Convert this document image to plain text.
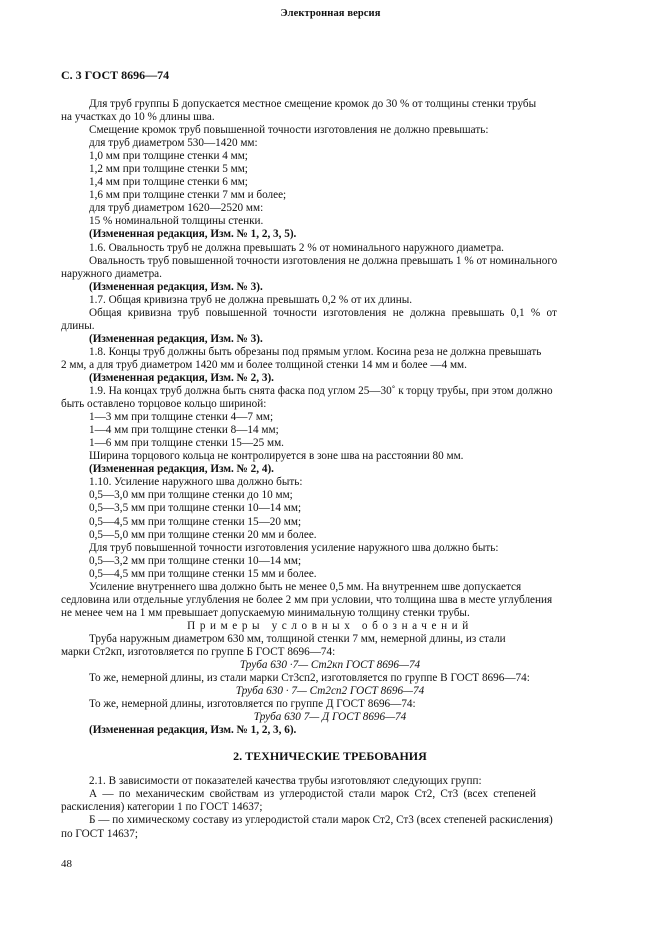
Электронная версия
С. 3 ГОСТ 8696—74

Для труб группы Б допускается местное смещение кромок до 30 % от толщины стенки трубы

на участках до 10 % длины шва.

Смещение кромок труб повышенной точности изготовления не должно превышать:

для труб диаметром 530—1420 мм:

1,0 мм при толщине стенки 4 мм;

1,2 мм при толщине стенки 5 мм;

1,4 мм при толщине стенки 6 мм;

1,6 мм при толщине стенки 7 мм и более;

для труб диаметром 1620—2520 мм:

15 % номинальной толщины стенки.

(Измененная редакция, Изм. № 1, 2, 3, 5).

1.6. Овальность труб не должна превышать 2 % от номинального наружного диаметра.

Овальность труб повышенной точности изготовления не должна превышать 1 % от номинального

наружного диаметра.

(Измененная редакция, Изм. № 3).

1.7. Общая кривизна труб не должна превышать 0,2 % от их длины.

Общая кривизна труб повышенной точности изготовления не должна превышать 0,1 % от

длины.

(Измененная редакция, Изм. № 3).

1.8. Концы труб должны быть обрезаны под прямым углом. Косина реза не должна превышать

2 мм, а для труб диаметром 1420 мм и более толщиной стенки 14 мм и более —4 мм.

(Измененная редакция, Изм. № 2, 3).

1.9. На концах труб должна быть снята фаска под углом 25—30˚ к торцу трубы, при этом должно

быть оставлено торцовое кольцо шириной:

1—3 мм при толщине стенки 4—7 мм;

1—4 мм при толщине стенки 8—14 мм;

1—6 мм при толщине стенки 15—25 мм.

Ширина торцового кольца не контролируется в зоне шва на расстоянии 80 мм.

(Измененная редакция, Изм. № 2, 4).

1.10. Усиление наружного шва должно быть:

0,5—3,0 мм при толщине стенки до 10 мм;

0,5—3,5 мм при толщине стенки 10—14 мм;

0,5—4,5 мм при толщине стенки 15—20 мм;

0,5—5,0 мм при толщине стенки 20 мм и более.

Для труб повышенной точности изготовления усиление наружного шва должно быть:

0,5—3,2 мм при толщине стенки 10—14 мм;

0,5—4,5 мм при толщине стенки 15 мм и более.

Усиление внутреннего шва должно быть не менее 0,5 мм. На внутреннем шве допускается

седловина или отдельные углубления не более 2 мм при условии, что толщина шва в месте углубления

не менее чем на 1 мм превышает допускаемую минимальную толщину стенки трубы.

Примеры условных обозначений

Труба наружным диаметром 630 мм, толщиной стенки 7 мм, немерной длины, из стали

марки Ст2кп, изготовляется по группе Б ГОСТ 8696—74:

Труба 630 ·7— Ст2кп ГОСТ 8696—74

То же, немерной длины, из стали марки Ст3сп2, изготовляется по группе В ГОСТ 8696—74:

Труба 630 · 7— Ст2сп2 ГОСТ 8696—74

То же, немерной длины, изготовляется по группе Д ГОСТ 8696—74:

Труба 630 7— Д ГОСТ 8696—74

(Измененная редакция, Изм. № 1, 2, 3, 6).

2. ТЕХНИЧЕСКИЕ ТРЕБОВАНИЯ

2.1. В зависимости от показателей качества трубы изготовляют следующих групп:

А — по механическим свойствам из углеродистой стали марок Ст2, Ст3 (всех степеней

раскисления) категории 1 по ГОСТ 14637;

Б — по химическому составу из углеродистой стали марок Ст2, Ст3 (всех степеней раскисления)

по ГОСТ 14637;

48
